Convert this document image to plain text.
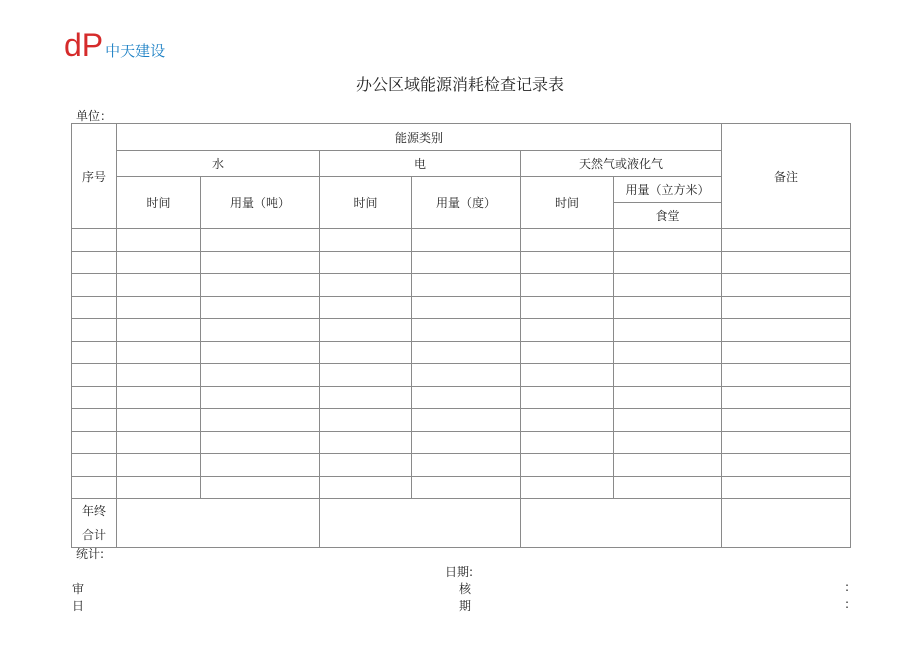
dP 中天建设
办公区域能源消耗检查记录表
单位：
序号	能源类别						备注
	水		电		天然气或液化气		
	时间	用量（吨）	时间	用量（度）	时间	用量（立方米）	
						食堂	

年终
合计							
统计:
日期:
审	核	:
日	期	:
